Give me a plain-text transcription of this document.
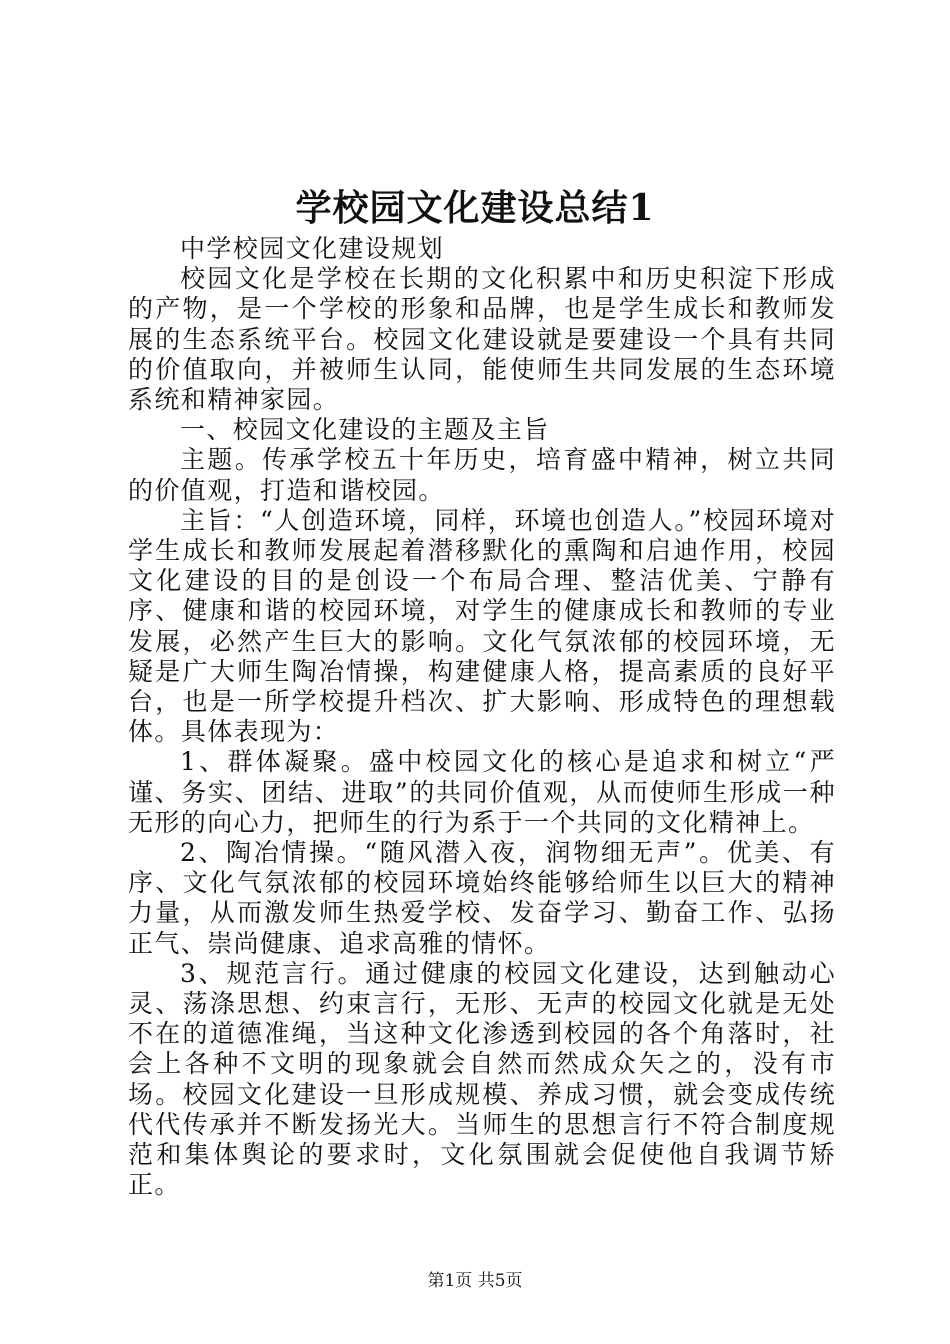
学校园文化建设总结1

中学校园文化建设规划

校园文化是学校在长期的文化积累中和历史积淀下形成的产物，是一个学校的形象和品牌，也是学生成长和教师发展的生态系统平台。校园文化建设就是要建设一个具有共同的价值取向，并被师生认同，能使师生共同发展的生态环境系统和精神家园。

一、校园文化建设的主题及主旨

主题。传承学校五十年历史，培育盛中精神，树立共同的价值观，打造和谐校园。

主旨：“人创造环境，同样，环境也创造人。”校园环境对学生成长和教师发展起着潜移默化的熏陶和启迪作用，校园文化建设的目的是创设一个布局合理、整洁优美、宁静有序、健康和谐的校园环境，对学生的健康成长和教师的专业发展，必然产生巨大的影响。文化气氛浓郁的校园环境，无疑是广大师生陶冶情操，构建健康人格，提高素质的良好平台，也是一所学校提升档次、扩大影响、形成特色的理想载体。具体表现为：

1、群体凝聚。盛中校园文化的核心是追求和树立“严谨、务实、团结、进取”的共同价值观，从而使师生形成一种无形的向心力，把师生的行为系于一个共同的文化精神上。

2、陶冶情操。“随风潜入夜，润物细无声”。优美、有序、文化气氛浓郁的校园环境始终能够给师生以巨大的精神力量，从而激发师生热爱学校、发奋学习、勤奋工作、弘扬正气、崇尚健康、追求高雅的情怀。

3、规范言行。通过健康的校园文化建设，达到触动心灵、荡涤思想、约束言行，无形、无声的校园文化就是无处不在的道德准绳，当这种文化渗透到校园的各个角落时，社会上各种不文明的现象就会自然而然成众矢之的，没有市场。校园文化建设一旦形成规模、养成习惯，就会变成传统代代传承并不断发扬光大。当师生的思想言行不符合制度规范和集体舆论的要求时，文化氛围就会促使他自我调节矫正。

第1页 共5页
